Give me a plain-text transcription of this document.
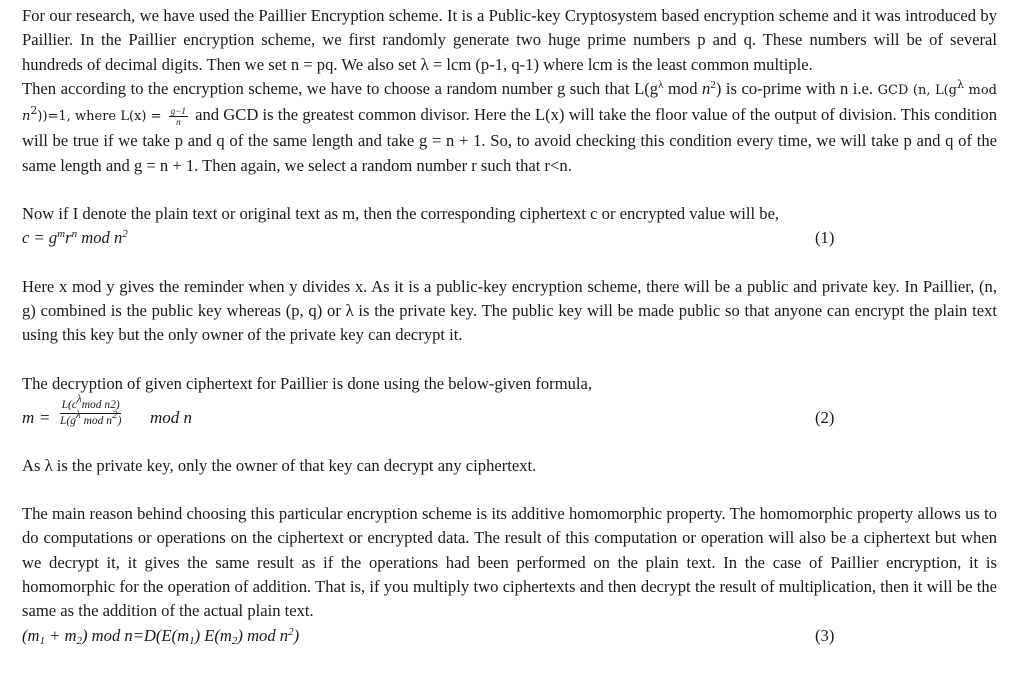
For our research, we have used the Paillier Encryption scheme. It is a Public-key Cryptosystem based encryption scheme and it was introduced by Paillier. In the Paillier encryption scheme, we first randomly generate two huge prime numbers p and q. These numbers will be of several hundreds of decimal digits. Then we set n = pq. We also set λ = lcm (p-1, q-1) where lcm is the least common multiple.

Then according to the encryption scheme, we have to choose a random number g such that $L(g^\lambda$ mod $n^2$) is co-prime with n i.e. GCD (n, $L(g^\lambda$ mod $n^2))=1$, where $L(x) = \frac{g-1}{n}$ and GCD is the greatest common divisor. Here the L(x) will take the floor value of the output of division. This condition will be true if we take p and q of the same length and take g = n + 1. So, to avoid checking this condition every time, we will take p and q of the same length and g = n + 1. Then again, we select a random number r such that r<n.

Now if I denote the plain text or original text as m, then the corresponding ciphertext c or encrypted value will be,

$c = g^mr^n$ mod $n^2$	(1)

Here x mod y gives the reminder when y divides x. As it is a public-key encryption scheme, there will be a public and private key. In Paillier, (n, g) combined is the public key whereas (p, q) or λ is the private key. The public key will be made public so that anyone can encrypt the plain text using this key but the only owner of the private key can decrypt it.

The decryption of given ciphertext for Paillier is done using the below-given formula,

m =
$L(c^\lambda mod$ n2)
$L(g^\lambda$ mod $n^2$) mod n	(2)

As λ is the private key, only the owner of that key can decrypt any ciphertext.

The main reason behind choosing this particular encryption scheme is its additive homomorphic property. The homomorphic property allows us to do computations or operations on the ciphertext or encrypted data. The result of this computation or operation will also be a ciphertext but when we decrypt it, it gives the same result as if the operations had been performed on the plain text. In the case of Paillier encryption, it is homomorphic for the operation of addition. That is, if you multiply two ciphertexts and then decrypt the result of multiplication, then it will be the same as the addition of the actual plain text.

$(m_1 + m_2)$ mod $n=D(E(m_1)$ $E(m_2)$ mod $n^2$)	(3)
